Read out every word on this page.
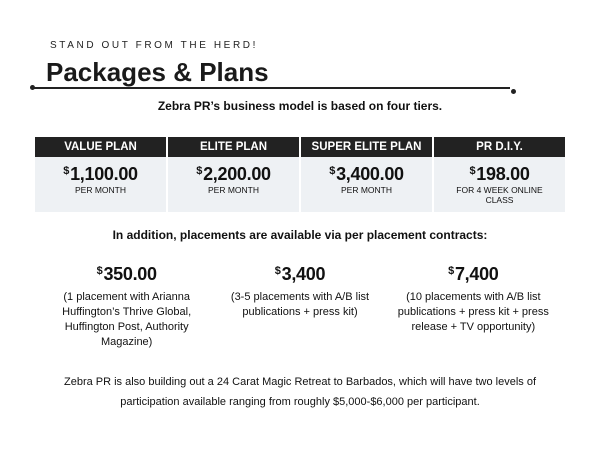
STAND OUT FROM THE HERD!
Packages & Plans
Zebra PR’s business model is based on four tiers.
VALUE PLAN
$1,100.00
PER MONTH
ELITE PLAN
$2,200.00
PER MONTH
SUPER ELITE PLAN
$3,400.00
PER MONTH
PR D.I.Y.
$198.00
FOR 4 WEEK ONLINE CLASS
In addition, placements are available via per placement contracts:
$350.00
(1 placement with Arianna Huffington’s Thrive Global, Huffington Post, Authority Magazine)
$3,400
(3-5 placements with A/B list publications + press kit)
$7,400
(10 placements with A/B list publications + press kit + press release + TV opportunity)
Zebra PR is also building out a 24 Carat Magic Retreat to Barbados, which will have two levels of participation available ranging from roughly $5,000-$6,000 per participant.
